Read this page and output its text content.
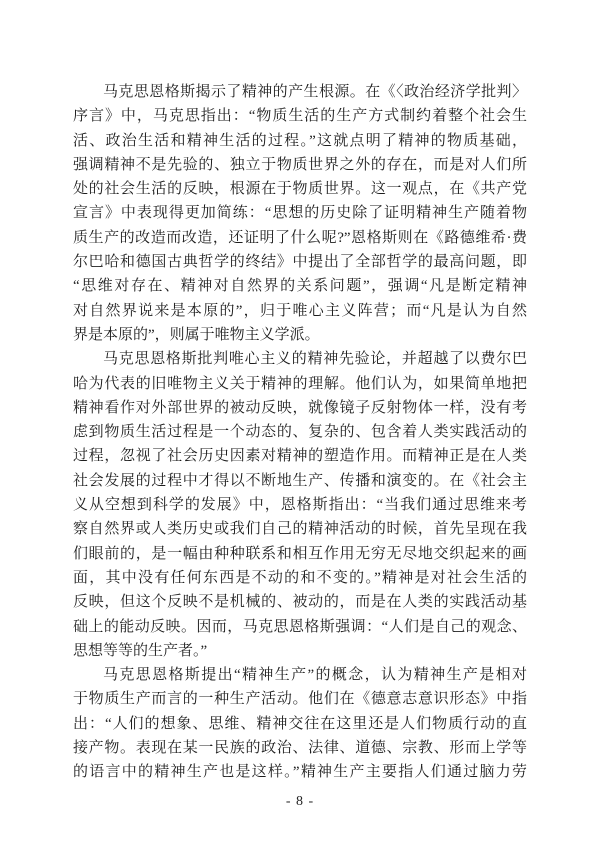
马克思恩格斯揭示了精神的产生根源。在《〈政治经济学批判〉
序言》中，马克思指出：“物质生活的生产方式制约着整个社会生
活、政治生活和精神生活的过程。”这就点明了精神的物质基础，
强调精神不是先验的、独立于物质世界之外的存在，而是对人们所
处的社会生活的反映，根源在于物质世界。这一观点，在《共产党
宣言》中表现得更加简练：“思想的历史除了证明精神生产随着物
质生产的改造而改造，还证明了什么呢?”恩格斯则在《路德维希·费
尔巴哈和德国古典哲学的终结》中提出了全部哲学的最高问题，即
“思维对存在、精神对自然界的关系问题”，强调“凡是断定精神
对自然界说来是本原的”，归于唯心主义阵营；而“凡是认为自然
界是本原的”，则属于唯物主义学派。
马克思恩格斯批判唯心主义的精神先验论，并超越了以费尔巴
哈为代表的旧唯物主义关于精神的理解。他们认为，如果简单地把
精神看作对外部世界的被动反映，就像镜子反射物体一样，没有考
虑到物质生活过程是一个动态的、复杂的、包含着人类实践活动的
过程，忽视了社会历史因素对精神的塑造作用。而精神正是在人类
社会发展的过程中才得以不断地生产、传播和演变的。在《社会主
义从空想到科学的发展》中，恩格斯指出：“当我们通过思维来考
察自然界或人类历史或我们自己的精神活动的时候，首先呈现在我
们眼前的，是一幅由种种联系和相互作用无穷无尽地交织起来的画
面，其中没有任何东西是不动的和不变的。”精神是对社会生活的
反映，但这个反映不是机械的、被动的，而是在人类的实践活动基
础上的能动反映。因而，马克思恩格斯强调：“人们是自己的观念、
思想等等的生产者。”
马克思恩格斯提出“精神生产”的概念，认为精神生产是相对
于物质生产而言的一种生产活动。他们在《德意志意识形态》中指
出：“人们的想象、思维、精神交往在这里还是人们物质行动的直
接产物。表现在某一民族的政治、法律、道德、宗教、形而上学等
的语言中的精神生产也是这样。”精神生产主要指人们通过脑力劳
- 8 -
